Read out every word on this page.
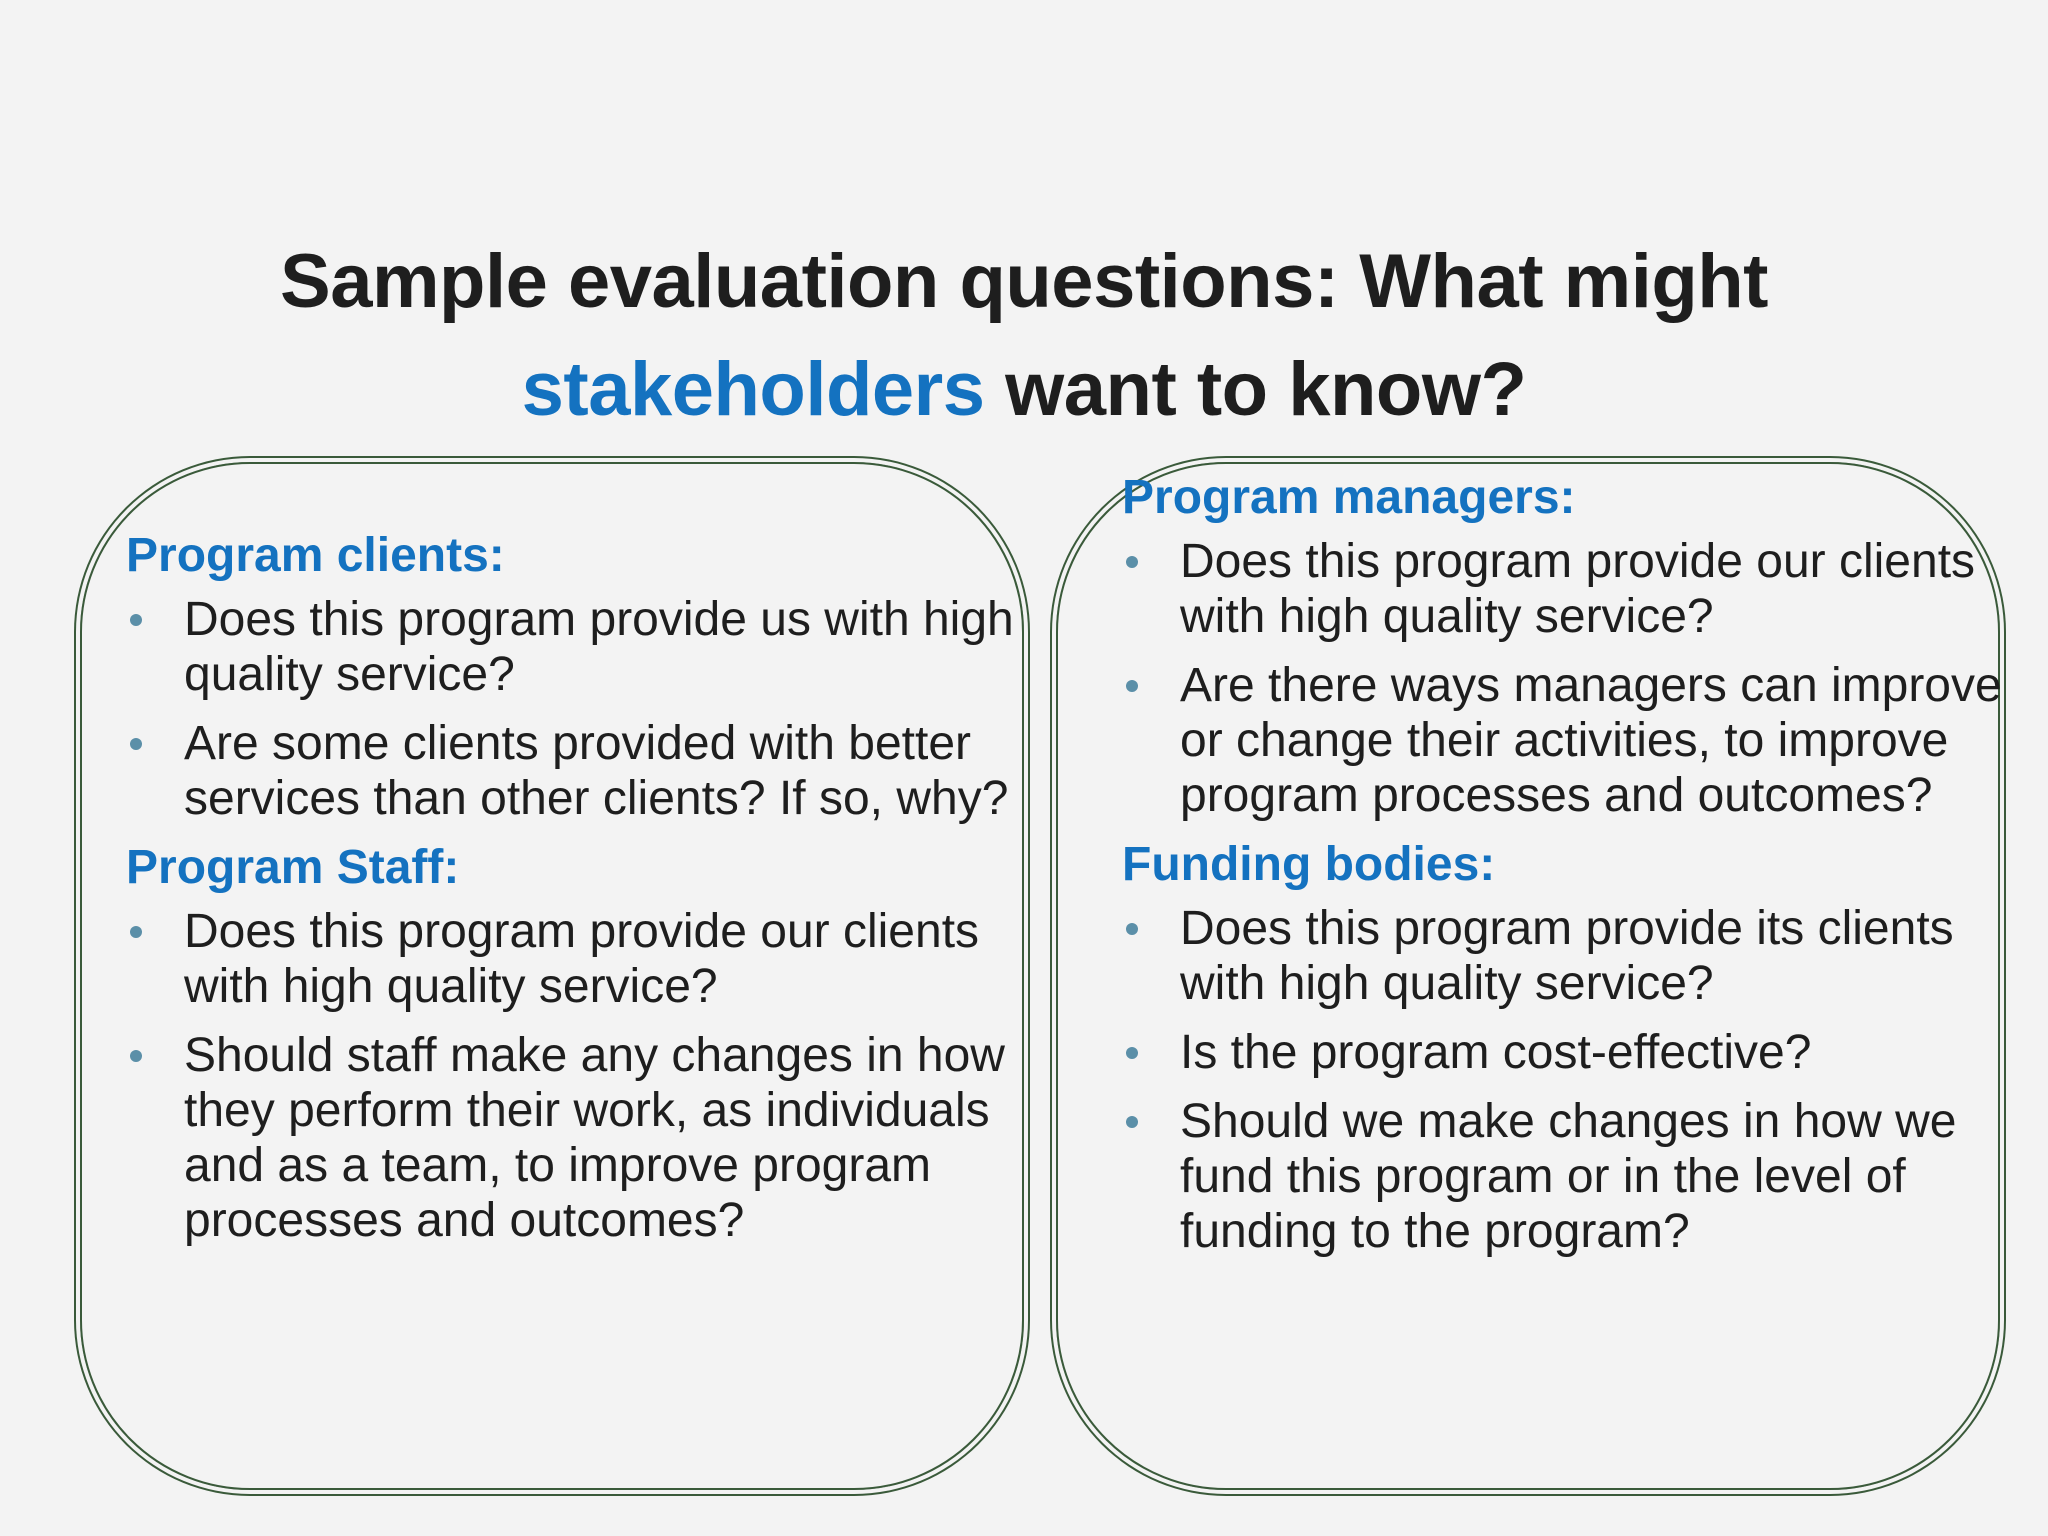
Sample evaluation questions: What might
stakeholders want to know?
Program clients:
Does this program provide us with high quality service?
Are some clients provided with better services than other clients? If so, why?
Program Staff:
Does this program provide our clients with high quality service?
Should staff make any changes in how they perform their work, as individuals and as a team, to improve program processes and outcomes?
Program managers:
Does this program provide our clients with high quality service?
Are there ways managers can improve or change their activities, to improve program processes and outcomes?
Funding bodies:
Does this program provide its clients with high quality service?
Is the program cost-effective?
Should we make changes in how we fund this program or in the level of funding to the program?
